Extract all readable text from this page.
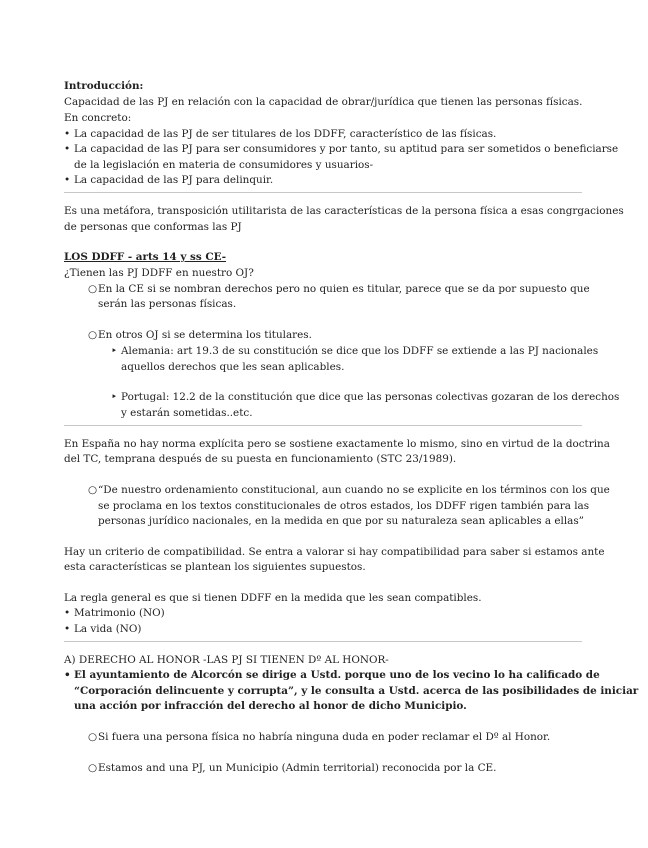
Introducción:
Capacidad de las PJ en relación con la capacidad de obrar/jurídica que tienen las personas físicas.
En concreto:
• La capacidad de las PJ de ser titulares de los DDFF, característico de las físicas.
• La capacidad de las PJ para ser consumidores y por tanto, su aptitud para ser sometidos o beneficiarse
de la legislación en materia de consumidores y usuarios-
• La capacidad de las PJ para delinquir.
Es una metáfora, transposición utilitarista de las características de la persona física a esas congrgaciones
de personas que conformas las PJ
LOS DDFF - arts 14 y ss CE-
¿Tienen las PJ DDFF en nuestro OJ?
○En la CE si se nombran derechos pero no quien es titular, parece que se da por supuesto que
serán las personas físicas.
○En otros OJ si se determina los titulares.
‣ Alemania: art 19.3 de su constitución se dice que los DDFF se extiende a las PJ nacionales
aquellos derechos que les sean aplicables.
‣ Portugal: 12.2 de la constitución que dice que las personas colectivas gozaran de los derechos
y estarán sometidas..etc.
En España no hay norma explícita pero se sostiene exactamente lo mismo, sino en virtud de la doctrina
del TC, temprana después de su puesta en funcionamiento (STC 23/1989).
○“De nuestro ordenamiento constitucional, aun cuando no se explicite en los términos con los que
se proclama en los textos constitucionales de otros estados, los DDFF rigen también para las
personas jurídico nacionales, en la medida en que por su naturaleza sean aplicables a ellas”
Hay un criterio de compatibilidad. Se entra a valorar si hay compatibilidad para saber si estamos ante
esta características se plantean los siguientes supuestos.
La regla general es que si tienen DDFF en la medida que les sean compatibles.
• Matrimonio (NO)
• La vida (NO)
A) DERECHO AL HONOR -LAS PJ SI TIENEN Dº AL HONOR-
• El ayuntamiento de Alcorcón se dirige a Ustd. porque uno de los vecino lo ha calificado de
“Corporación delincuente y corrupta”, y le consulta a Ustd. acerca de las posibilidades de iniciar
una acción por infracción del derecho al honor de dicho Municipio.
○Si fuera una persona física no habría ninguna duda en poder reclamar el Dº al Honor.
○Estamos and una PJ, un Municipio (Admin territorial) reconocida por la CE.
